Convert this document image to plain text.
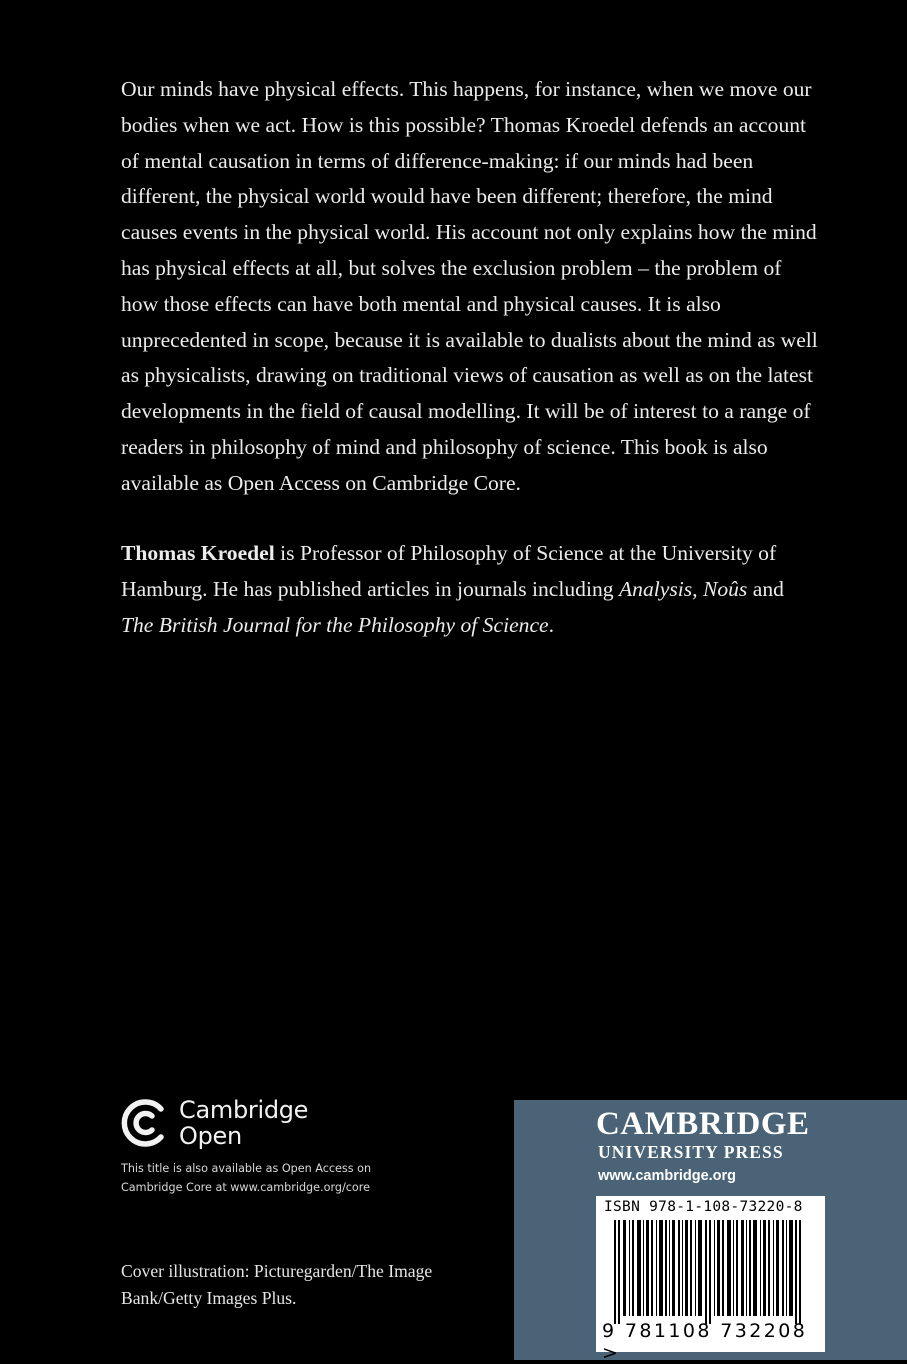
Our minds have physical effects. This happens, for instance, when we move our bodies when we act. How is this possible? Thomas Kroedel defends an account of mental causation in terms of difference-making: if our minds had been different, the physical world would have been different; therefore, the mind causes events in the physical world. His account not only explains how the mind has physical effects at all, but solves the exclusion problem – the problem of how those effects can have both mental and physical causes. It is also unprecedented in scope, because it is available to dualists about the mind as well as physicalists, drawing on traditional views of causation as well as on the latest developments in the field of causal modelling. It will be of interest to a range of readers in philosophy of mind and philosophy of science. This book is also available as Open Access on Cambridge Core.

Thomas Kroedel is Professor of Philosophy of Science at the University of Hamburg. He has published articles in journals including Analysis, Noûs and The British Journal for the Philosophy of Science.

Cambridge
Open
This title is also available as Open Access on Cambridge Core at www.cambridge.org/core
Cover illustration: Picturegarden/The Image Bank/Getty Images Plus.
CAMBRIDGE
UNIVERSITY PRESS
www.cambridge.org
ISBN 978-1-108-73220-8
9 781108 732208 >
